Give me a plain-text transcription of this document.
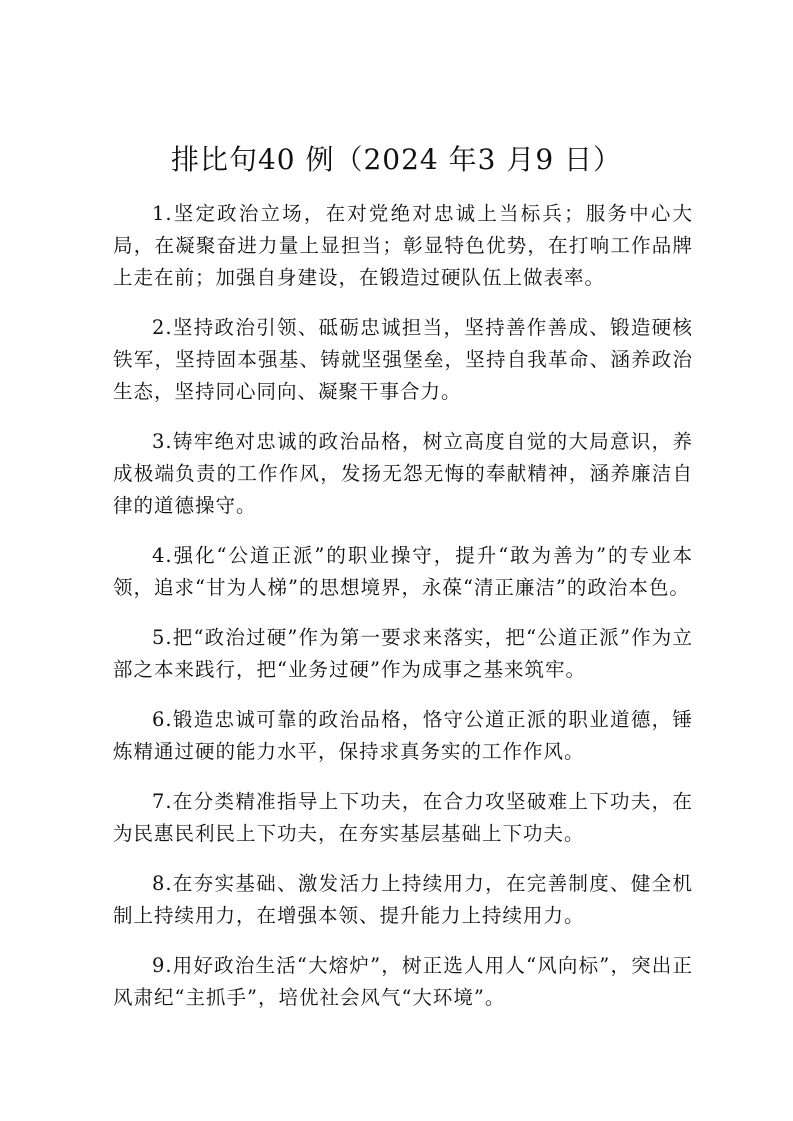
排比句40 例（2024 年3 月9 日）

1.坚定政治立场，在对党绝对忠诚上当标兵；服务中心大局，在凝聚奋进力量上显担当；彰显特色优势，在打响工作品牌上走在前；加强自身建设，在锻造过硬队伍上做表率。

2.坚持政治引领、砥砺忠诚担当，坚持善作善成、锻造硬核铁军，坚持固本强基、铸就坚强堡垒，坚持自我革命、涵养政治生态，坚持同心同向、凝聚干事合力。

3.铸牢绝对忠诚的政治品格，树立高度自觉的大局意识，养成极端负责的工作作风，发扬无怨无悔的奉献精神，涵养廉洁自律的道德操守。

4.强化“公道正派”的职业操守，提升“敢为善为”的专业本领，追求“甘为人梯”的思想境界，永葆“清正廉洁”的政治本色。

5.把“政治过硬”作为第一要求来落实，把“公道正派”作为立部之本来践行，把“业务过硬”作为成事之基来筑牢。

6.锻造忠诚可靠的政治品格，恪守公道正派的职业道德，锤炼精通过硬的能力水平，保持求真务实的工作作风。

7.在分类精准指导上下功夫，在合力攻坚破难上下功夫，在为民惠民利民上下功夫，在夯实基层基础上下功夫。

8.在夯实基础、激发活力上持续用力，在完善制度、健全机制上持续用力，在增强本领、提升能力上持续用力。

9.用好政治生活“大熔炉”，树正选人用人“风向标”，突出正风肃纪“主抓手”，培优社会风气“大环境”。
